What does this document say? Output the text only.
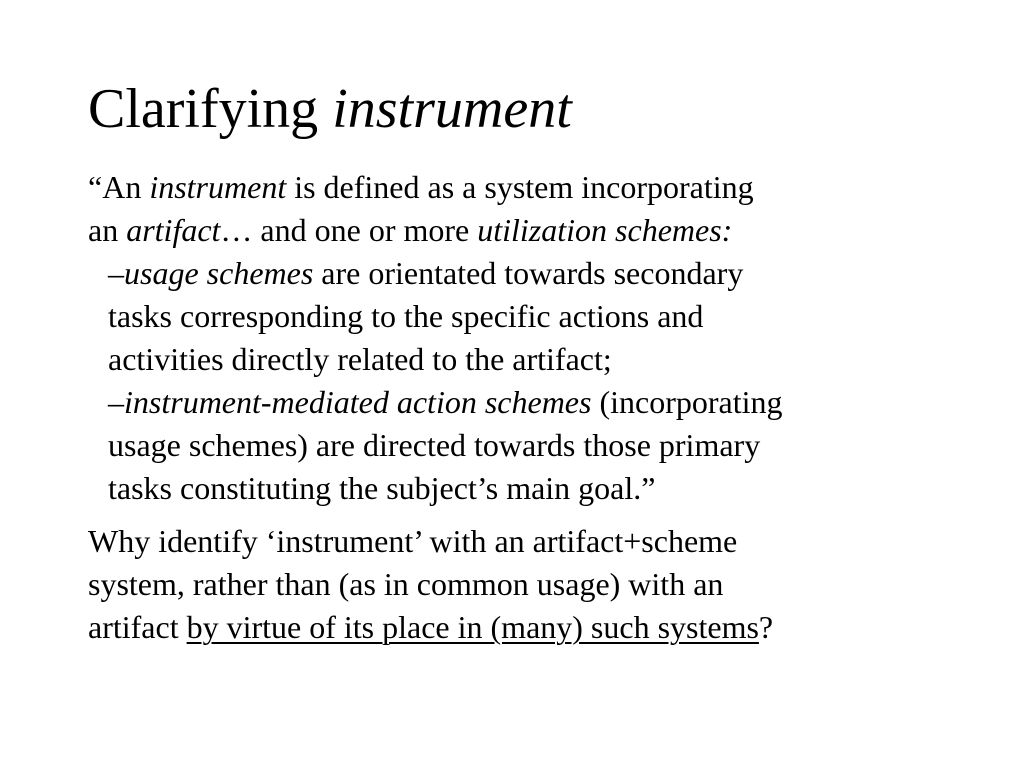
Clarifying instrument
“An instrument is defined as a system incorporating
an artifact… and one or more utilization schemes:
–usage schemes are orientated towards secondary
tasks corresponding to the specific actions and
activities directly related to the artifact;
–instrument-mediated action schemes (incorporating
usage schemes) are directed towards those primary
tasks constituting the subject’s main goal.”
Why identify ‘instrument’ with an artifact+scheme
system, rather than (as in common usage) with an
artifact by virtue of its place in (many) such systems?
